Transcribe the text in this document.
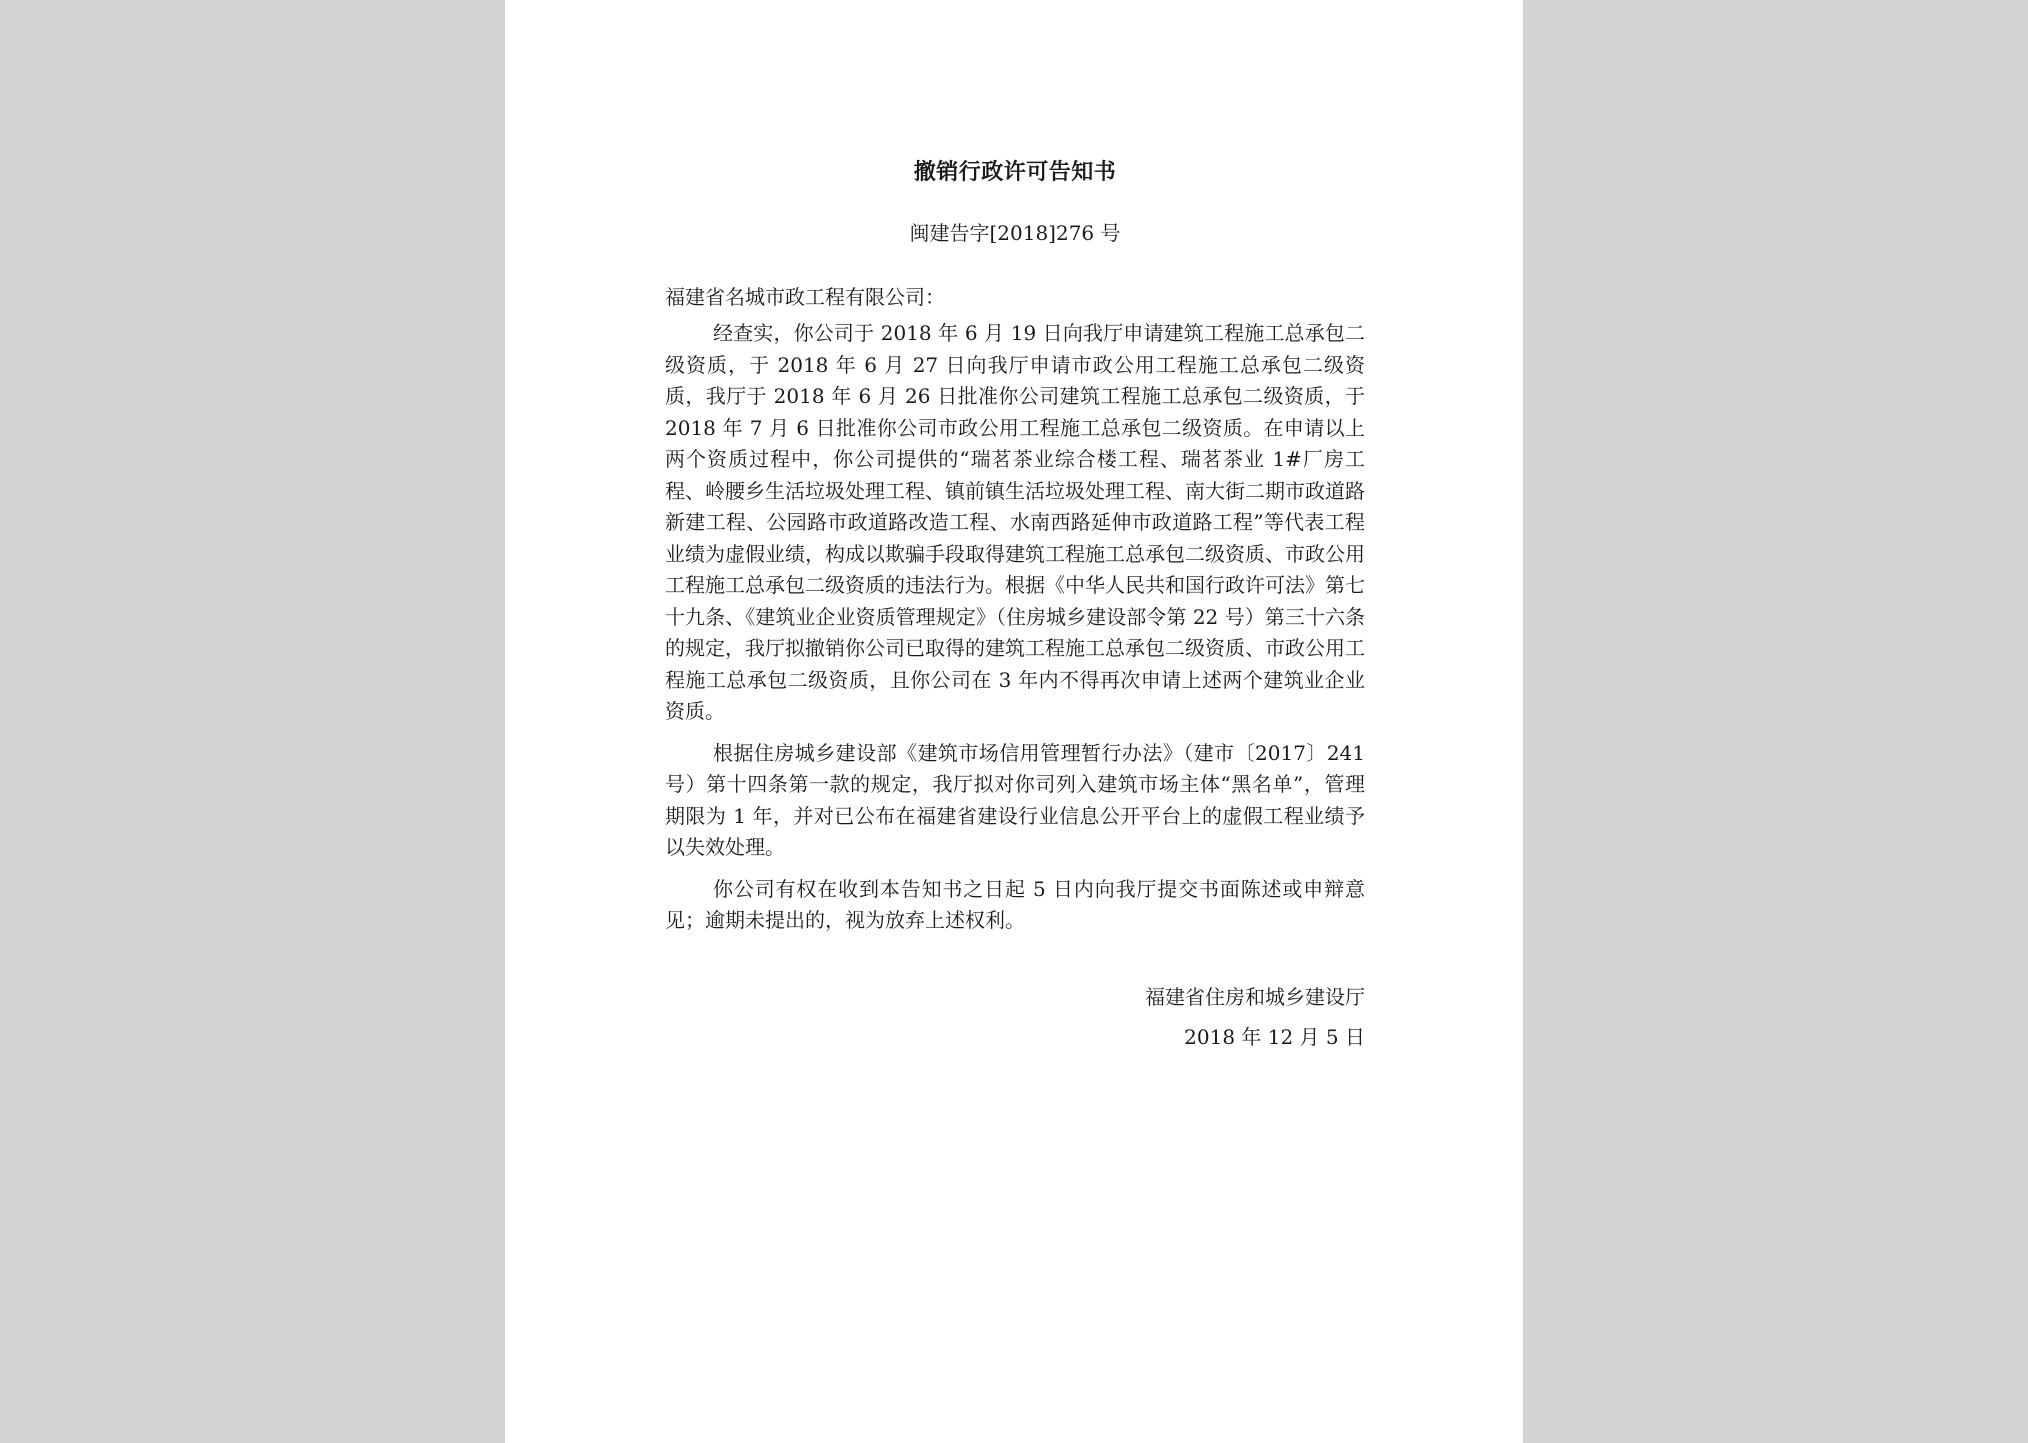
撤销行政许可告知书

闽建告字[2018]276 号

福建省名城市政工程有限公司：

经查实，你公司于 2018 年 6 月 19 日向我厅申请建筑工程施工总承包二级资质，于 2018 年 6 月 27 日向我厅申请市政公用工程施工总承包二级资质，我厅于 2018 年 6 月 26 日批准你公司建筑工程施工总承包二级资质，于 2018 年 7 月 6 日批准你公司市政公用工程施工总承包二级资质。在申请以上两个资质过程中，你公司提供的“瑞茗茶业综合楼工程、瑞茗茶业 1#厂房工程、岭腰乡生活垃圾处理工程、镇前镇生活垃圾处理工程、南大街二期市政道路新建工程、公园路市政道路改造工程、水南西路延伸市政道路工程”等代表工程业绩为虚假业绩，构成以欺骗手段取得建筑工程施工总承包二级资质、市政公用工程施工总承包二级资质的违法行为。根据《中华人民共和国行政许可法》第七十九条、《建筑业企业资质管理规定》（住房城乡建设部令第 22 号）第三十六条的规定，我厅拟撤销你公司已取得的建筑工程施工总承包二级资质、市政公用工程施工总承包二级资质，且你公司在 3 年内不得再次申请上述两个建筑业企业资质。

根据住房城乡建设部《建筑市场信用管理暂行办法》（建市〔2017〕241 号）第十四条第一款的规定，我厅拟对你司列入建筑市场主体“黑名单”，管理期限为 1 年，并对已公布在福建省建设行业信息公开平台上的虚假工程业绩予以失效处理。

你公司有权在收到本告知书之日起 5 日内向我厅提交书面陈述或申辩意见；逾期未提出的，视为放弃上述权利。

福建省住房和城乡建设厅

2018 年 12 月 5 日
